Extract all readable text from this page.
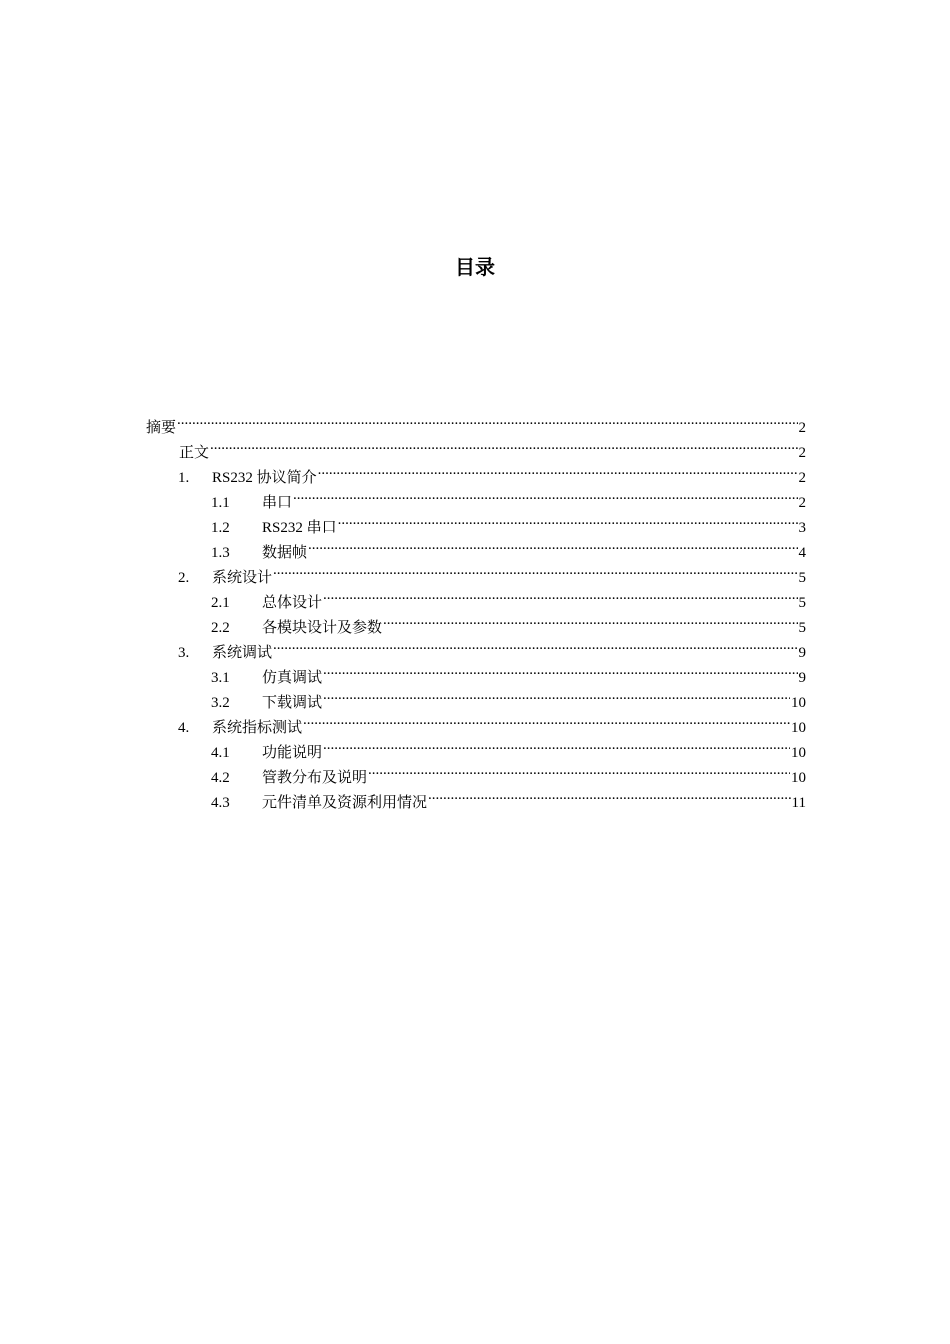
目录
摘要 .....	2
正文 .....	2
1.	RS232 协议简介 .....	2
1.1	串口 .....	2
1.2	RS232 串口 .....	3
1.3	数据帧 .....	4
2.	系统设计 .....	5
2.1	总体设计 .....	5
2.2	各模块设计及参数 .....	5
3.	系统调试 .....	9
3.1	仿真调试 .....	9
3.2	下载调试 .....	10
4.	系统指标测试 .....	10
4.1	功能说明 .....	10
4.2	管教分布及说明 .....	10
4.3	元件清单及资源利用情况 .....	11
